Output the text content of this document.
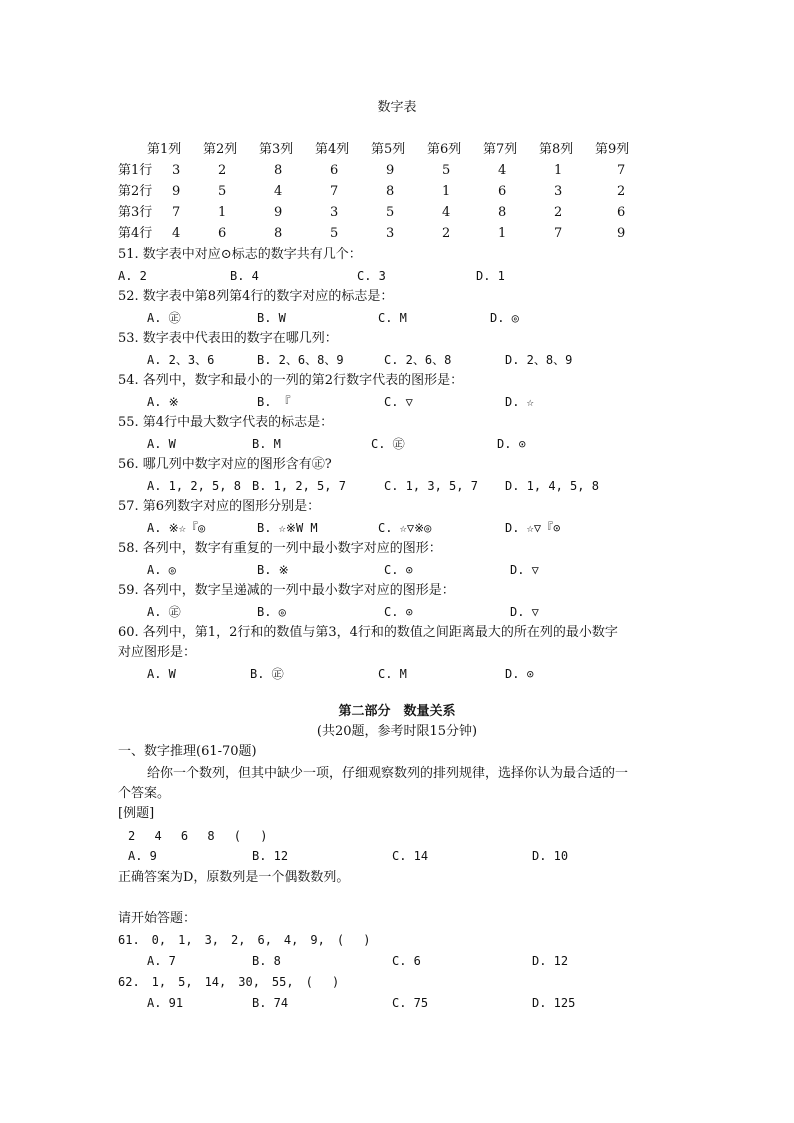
数字表
第1列 第2列 第3列 第4列 第5列 第6列 第7列 第8列 第9列
第1行 3	2	8	6	9	5	4	1	7
第2行 9	5	4	7	8	1	6	3	2
第3行 7	1	9	3	5	4	8	2	6
第4行 4	6	8	5	3	2	1	7	9
51. 数字表中对应⊙标志的数字共有几个：
A. 2	B. 4	C. 3	D. 1
52. 数字表中第8列第4行的数字对应的标志是：
A. ㊣	B. W	C. M	D. ◎
53. 数字表中代表田的数字在哪几列：
A. 2、3、6	B. 2、6、8、9	C. 2、6、8	D. 2、8、9
54. 各列中，数字和最小的一列的第2行数字代表的图形是：
A. ※	B. 『	C. ▽	D. ☆
55. 第4行中最大数字代表的标志是：
A. W	B. M	C. ㊣	D. ⊙
56. 哪几列中数字对应的图形含有㊣?
A. 1, 2, 5, 8 B. 1, 2, 5, 7	C. 1, 3, 5, 7 D. 1, 4, 5, 8
57. 第6列数字对应的图形分别是：
A. ※☆『◎	B. ☆※W M	C. ☆▽※◎	D. ☆▽『⊙
58. 各列中，数字有重复的一列中最小数字对应的图形：
A. ◎	B. ※	C. ⊙	D. ▽
59. 各列中，数字呈递减的一列中最小数字对应的图形是：
A. ㊣	B. ◎	C. ⊙	D. ▽
60. 各列中，第1，2行和的数值与第3，4行和的数值之间距离最大的所在列的最小数字
对应图形是：
A. W	B. ㊣	C. M	D. ⊙
第二部分　数量关系
(共20题，参考时限15分钟)
一、数字推理(61-70题)
给你一个数列，但其中缺少一项，仔细观察数列的排列规律，选择你认为最合适的一
个答案。
[例题]
2　 4　 6　 8　 (　 )
A. 9	B. 12	C. 14	D. 10
正确答案为D，原数列是一个偶数数列。
请开始答题：
61.　0,　1,　3,　2,　6,　4,　9,　(　 )
A. 7	B. 8	C. 6	D. 12
62.　1,　5,　14,　30,　55,　(　 )
A. 91	B. 74	C. 75	D. 125
